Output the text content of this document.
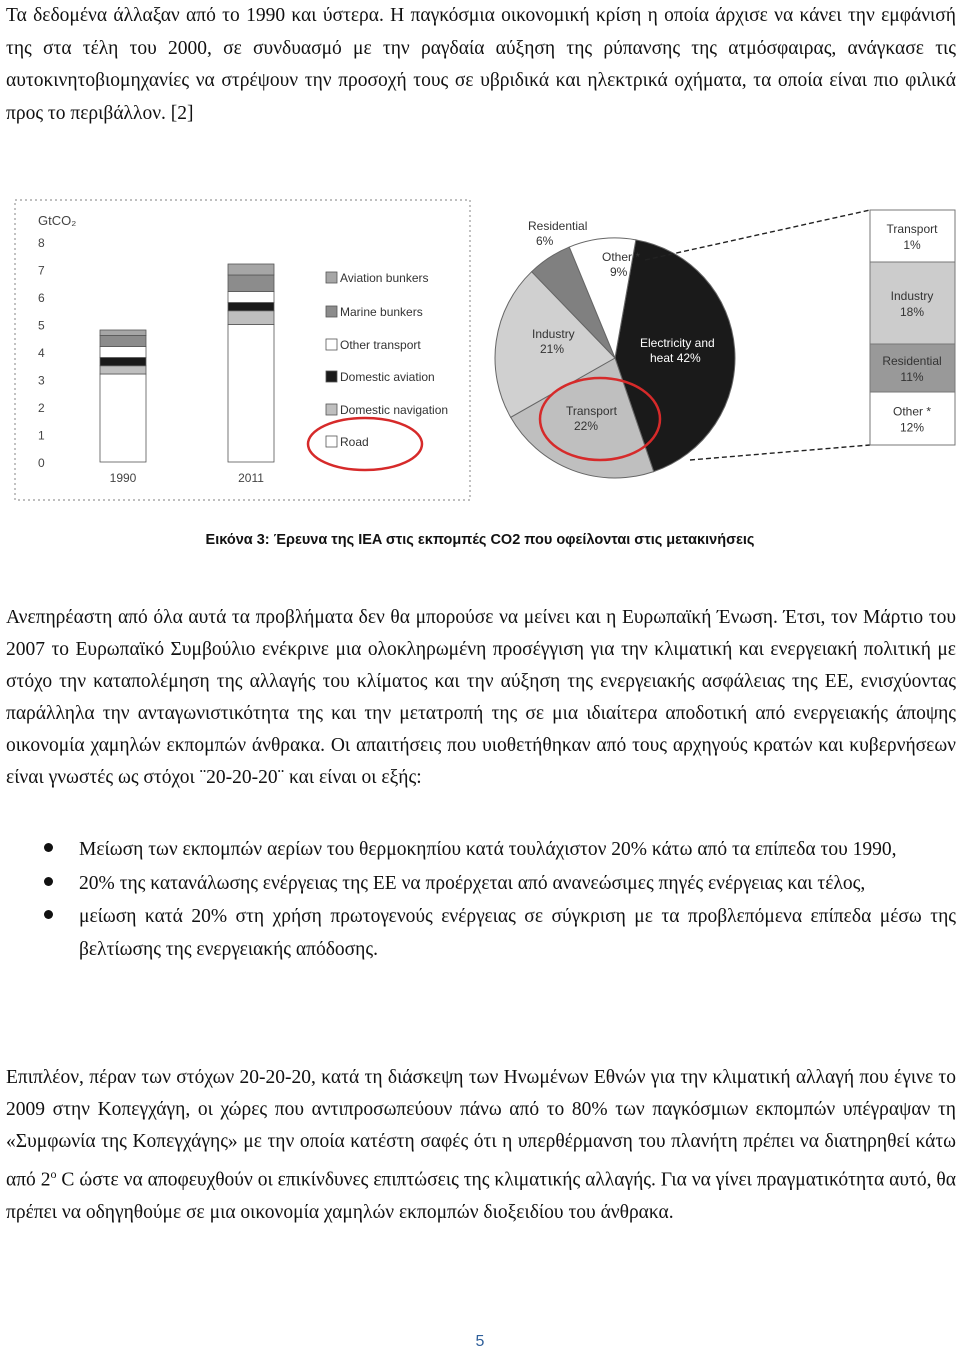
Τα δεδομένα άλλαξαν από το 1990 και ύστερα. Η παγκόσμια οικονομική κρίση η οποία άρχισε να κάνει την εμφάνισή της στα τέλη του 2000, σε συνδυασμό με την ραγδαία αύξηση της ρύπανσης της ατμόσφαιρας, ανάγκασε τις αυτοκινητοβιομηχανίες να στρέψουν την προσοχή τους σε υβριδικά και ηλεκτρικά οχήματα, τα οποία είναι πιο φιλικά προς το περιβάλλον. [2]

GtCO₂
8
7
6
5
4
3
2
1
0
1990	2011
Aviation bunkers
Marine bunkers
Other transport
Domestic aviation
Domestic navigation
Road
Electricity and
heat 42%
Transport
22%
Industry
21%
Residential
6%
Other *
9%
Transport
1%
Industry
18%
Residential
11%
Other *
12%
Εικόνα 3: Έρευνα της IEA στις εκπομπές CO2 που οφείλονται στις μετακινήσεις

Ανεπηρέαστη από όλα αυτά τα προβλήματα δεν θα μπορούσε να μείνει και η Ευρωπαϊκή Ένωση. Έτσι, τον Μάρτιο του 2007 το Ευρωπαϊκό Συμβούλιο ενέκρινε μια ολοκληρωμένη προσέγγιση για την κλιματική και ενεργειακή πολιτική με στόχο την καταπολέμηση της αλλαγής του κλίματος και την αύξηση της ενεργειακής ασφάλειας της ΕΕ, ενισχύοντας παράλληλα την ανταγωνιστικότητα της και την μετατροπή της σε μια ιδιαίτερα αποδοτική από ενεργειακής άποψης οικονομία χαμηλών εκπομπών άνθρακα. Οι απαιτήσεις που υιοθετήθηκαν από τους αρχηγούς κρατών και κυβερνήσεων είναι γνωστές ως στόχοι ¨20-20-20¨ και είναι οι εξής:

Μείωση των εκπομπών αερίων του θερμοκηπίου κατά τουλάχιστον 20% κάτω από τα επίπεδα του 1990,
20% της κατανάλωσης ενέργειας της ΕΕ να προέρχεται από ανανεώσιμες πηγές ενέργειας και τέλος,
μείωση κατά 20% στη χρήση πρωτογενούς ενέργειας σε σύγκριση με τα προβλεπόμενα επίπεδα μέσω της βελτίωσης της ενεργειακής απόδοσης.

Επιπλέον, πέραν των στόχων 20-20-20, κατά τη διάσκεψη των Ηνωμένων Εθνών για την κλιματική αλλαγή που έγινε το 2009 στην Κοπεγχάγη, οι χώρες που αντιπροσωπεύουν πάνω από το 80% των παγκόσμιων εκπομπών υπέγραψαν τη «Συμφωνία της Κοπεγχάγης» με την οποία κατέστη σαφές ότι η υπερθέρμανση του πλανήτη πρέπει να διατηρηθεί κάτω από $2^o$ C ώστε να αποφευχθούν οι επικίνδυνες επιπτώσεις της κλιματικής αλλαγής. Για να γίνει πραγματικότητα αυτό, θα πρέπει να οδηγηθούμε σε μια οικονομία χαμηλών εκπομπών διοξειδίου του άνθρακα.

5
